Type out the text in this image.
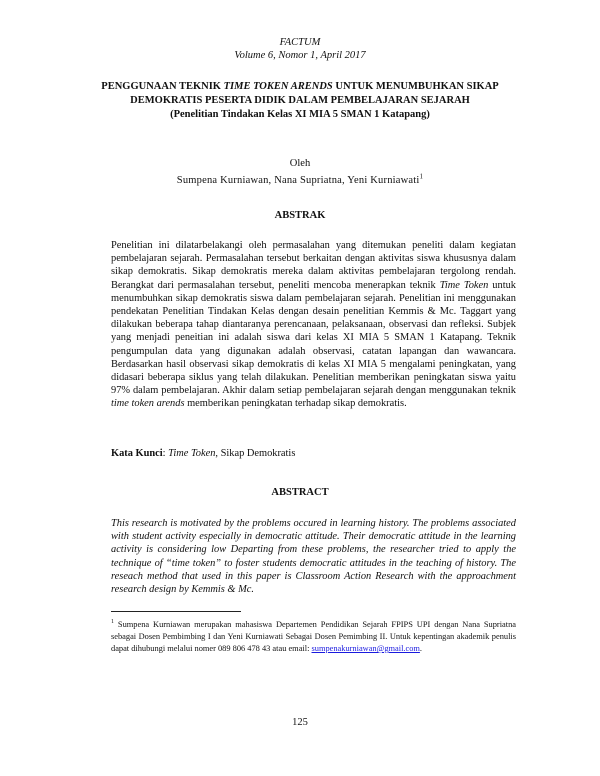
FACTUM
Volume 6, Nomor 1, April 2017
PENGGUNAAN TEKNIK TIME TOKEN ARENDS UNTUK MENUMBUHKAN SIKAP DEMOKRATIS PESERTA DIDIK DALAM PEMBELAJARAN SEJARAH
(Penelitian Tindakan Kelas XI MIA 5 SMAN 1 Katapang)
Oleh
Sumpena Kurniawan, Nana Supriatna, Yeni Kurniawati$^1$
ABSTRAK
Penelitian ini dilatarbelakangi oleh permasalahan yang ditemukan peneliti dalam kegiatan pembelajaran sejarah. Permasalahan tersebut berkaitan dengan aktivitas siswa khususnya dalam sikap demokratis. Sikap demokratis mereka dalam aktivitas pembelajaran tergolong rendah. Berangkat dari permasalahan tersebut, peneliti mencoba menerapkan teknik Time Token untuk menumbuhkan sikap demokratis siswa dalam pembelajaran sejarah. Penelitian ini menggunakan pendekatan Penelitian Tindakan Kelas dengan desain penelitian Kemmis & Mc. Taggart yang dilakukan beberapa tahap diantaranya perencanaan, pelaksanaan, observasi dan refleksi. Subjek yang menjadi peneitian ini adalah siswa dari kelas XI MIA 5 SMAN 1 Katapang. Teknik pengumpulan data yang digunakan adalah observasi, catatan lapangan dan wawancara. Berdasarkan hasil observasi sikap demokratis di kelas XI MIA 5 mengalami peningkatan, yang didasari beberapa siklus yang telah dilakukan. Penelitian memberikan peningkatan siswa yaitu 97% dalam pembelajaran. Akhir dalam setiap pembelajaran sejarah dengan menggunakan teknik time token arends memberikan peningkatan terhadap sikap demokratis.
Kata Kunci: Time Token, Sikap Demokratis
ABSTRACT
This research is motivated by the problems occured in learning history. The problems associated with student activity especially in democratic attitude. Their democratic attitude in the learning activity is considering low Departing from these problems, the researcher tried to apply the technique of “time token” to foster students democratic attitudes in the teaching of history. The reseach method that used in this paper is Classroom Action Research with the approachment research design by Kemmis & Mc.
$^1$ Sumpena Kurniawan merupakan mahasiswa Departemen Pendidikan Sejarah FPIPS UPI dengan Nana Supriatna sebagai Dosen Pembimbing I dan Yeni Kurniawati Sebagai Dosen Pemimbing II. Untuk kepentingan akademik penulis dapat dihubungi melalui nomer 089 806 478 43 atau email: sumpenakurniawan@gmail.com.
125
